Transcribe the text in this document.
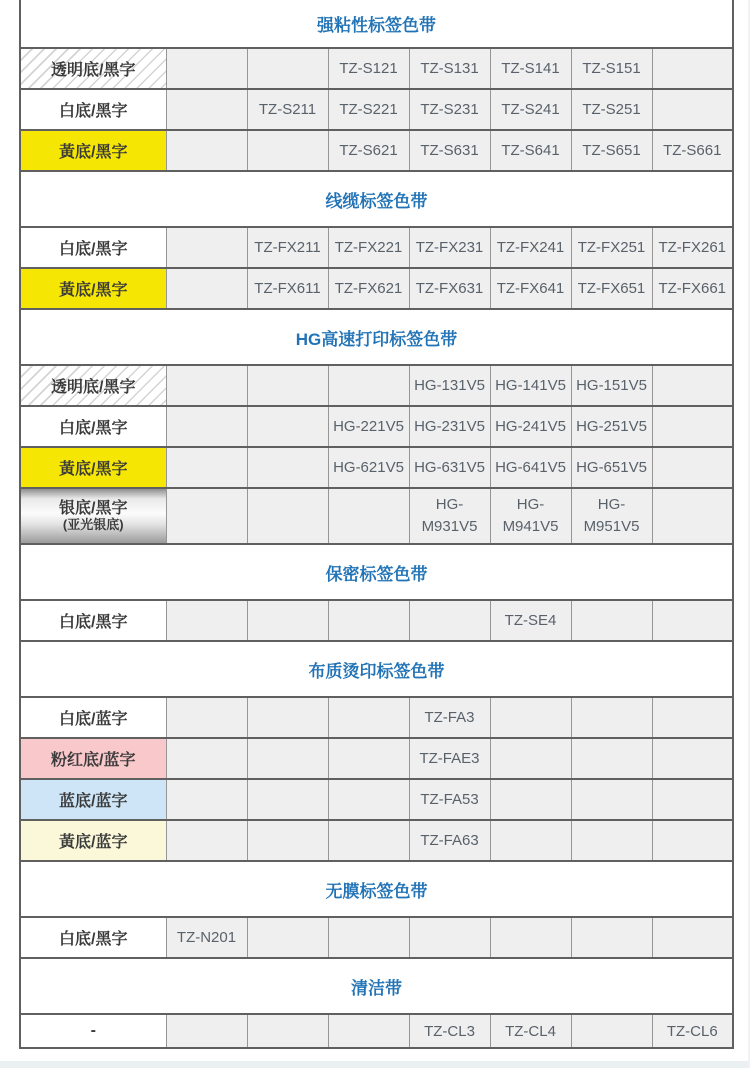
强粘性标签色带							
透明底/黑字			TZ-S121	TZ-S131	TZ-S141	TZ-S151	
白底/黑字		TZ-S211	TZ-S221	TZ-S231	TZ-S241	TZ-S251	
黃底/黑字			TZ-S621	TZ-S631	TZ-S641	TZ-S651	TZ-S661
线缆标签色带							
白底/黑字		TZ-FX211	TZ-FX221	TZ-FX231	TZ-FX241	TZ-FX251	TZ-FX261
黃底/黑字		TZ-FX611	TZ-FX621	TZ-FX631	TZ-FX641	TZ-FX651	TZ-FX661
HG高速打印标签色带							
透明底/黑字				HG-131V5	HG-141V5	HG-151V5	
白底/黑字			HG-221V5	HG-231V5	HG-241V5	HG-251V5	
黃底/黑字			HG-621V5	HG-631V5	HG-641V5	HG-651V5	

银底/黑字
(亚光银底)				HG-M931V5	HG-M941V5	HG-M951V5	
保密标签色带							
白底/黑字					TZ-SE4		
布质烫印标签色带							
白底/蓝字				TZ-FA3			
粉红底/蓝字				TZ-FAE3			
蓝底/蓝字				TZ-FA53			
黃底/蓝字				TZ-FA63			
无膜标签色带							
白底/黑字	TZ-N201						
清洁带							
-				TZ-CL3	TZ-CL4		TZ-CL6
